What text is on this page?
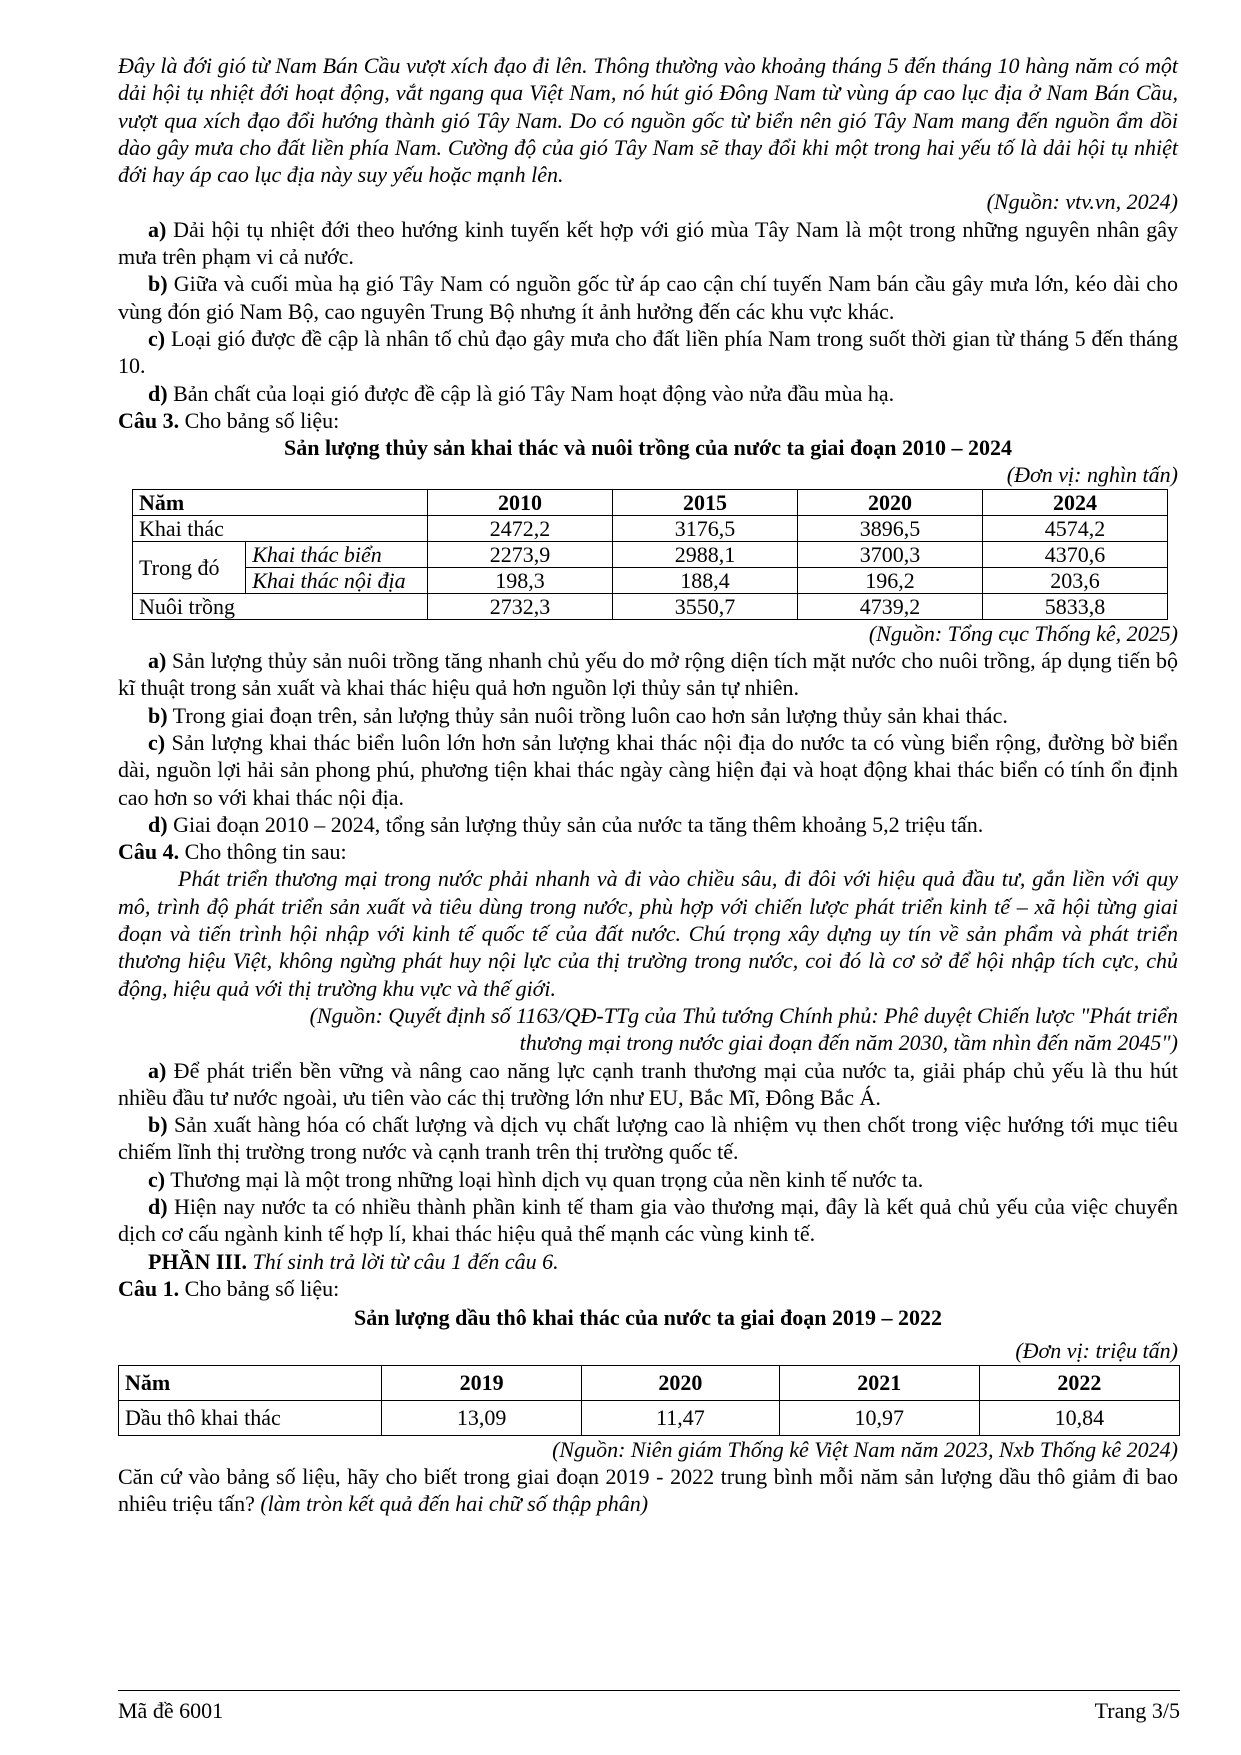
Đây là đới gió từ Nam Bán Cầu vượt xích đạo đi lên. Thông thường vào khoảng tháng 5 đến tháng 10 hàng năm có một dải hội tụ nhiệt đới hoạt động, vắt ngang qua Việt Nam, nó hút gió Đông Nam từ vùng áp cao lục địa ở Nam Bán Cầu, vượt qua xích đạo đổi hướng thành gió Tây Nam. Do có nguồn gốc từ biển nên gió Tây Nam mang đến nguồn ẩm dồi dào gây mưa cho đất liền phía Nam. Cường độ của gió Tây Nam sẽ thay đổi khi một trong hai yếu tố là dải hội tụ nhiệt đới hay áp cao lục địa này suy yếu hoặc mạnh lên.

(Nguồn: vtv.vn, 2024)

a) Dải hội tụ nhiệt đới theo hướng kinh tuyến kết hợp với gió mùa Tây Nam là một trong những nguyên nhân gây mưa trên phạm vi cả nước.

b) Giữa và cuối mùa hạ gió Tây Nam có nguồn gốc từ áp cao cận chí tuyến Nam bán cầu gây mưa lớn, kéo dài cho vùng đón gió Nam Bộ, cao nguyên Trung Bộ nhưng ít ảnh hưởng đến các khu vực khác.

c) Loại gió được đề cập là nhân tố chủ đạo gây mưa cho đất liền phía Nam trong suốt thời gian từ tháng 5 đến tháng 10.

d) Bản chất của loại gió được đề cập là gió Tây Nam hoạt động vào nửa đầu mùa hạ.

Câu 3. Cho bảng số liệu:

Sản lượng thủy sản khai thác và nuôi trồng của nước ta giai đoạn 2010 – 2024

(Đơn vị: nghìn tấn)

Năm		2010	2015	2020	2024
Khai thác		2472,2	3176,5	3896,5	4574,2
Trong đó	Khai thác biển	2273,9	2988,1	3700,3	4370,6
	Khai thác nội địa	198,3	188,4	196,2	203,6
Nuôi trồng		2732,3	3550,7	4739,2	5833,8

(Nguồn: Tổng cục Thống kê, 2025)

a) Sản lượng thủy sản nuôi trồng tăng nhanh chủ yếu do mở rộng diện tích mặt nước cho nuôi trồng, áp dụng tiến bộ kĩ thuật trong sản xuất và khai thác hiệu quả hơn nguồn lợi thủy sản tự nhiên.

b) Trong giai đoạn trên, sản lượng thủy sản nuôi trồng luôn cao hơn sản lượng thủy sản khai thác.

c) Sản lượng khai thác biển luôn lớn hơn sản lượng khai thác nội địa do nước ta có vùng biển rộng, đường bờ biển dài, nguồn lợi hải sản phong phú, phương tiện khai thác ngày càng hiện đại và hoạt động khai thác biển có tính ổn định cao hơn so với khai thác nội địa.

d) Giai đoạn 2010 – 2024, tổng sản lượng thủy sản của nước ta tăng thêm khoảng 5,2 triệu tấn.

Câu 4. Cho thông tin sau:

Phát triển thương mại trong nước phải nhanh và đi vào chiều sâu, đi đôi với hiệu quả đầu tư, gắn liền với quy mô, trình độ phát triển sản xuất và tiêu dùng trong nước, phù hợp với chiến lược phát triển kinh tế – xã hội từng giai đoạn và tiến trình hội nhập với kinh tế quốc tế của đất nước. Chú trọng xây dựng uy tín về sản phẩm và phát triển thương hiệu Việt, không ngừng phát huy nội lực của thị trường trong nước, coi đó là cơ sở để hội nhập tích cực, chủ động, hiệu quả với thị trường khu vực và thế giới.

(Nguồn: Quyết định số 1163/QĐ-TTg của Thủ tướng Chính phủ: Phê duyệt Chiến lược "Phát triển

thương mại trong nước giai đoạn đến năm 2030, tầm nhìn đến năm 2045")

a) Để phát triển bền vững và nâng cao năng lực cạnh tranh thương mại của nước ta, giải pháp chủ yếu là thu hút nhiều đầu tư nước ngoài, ưu tiên vào các thị trường lớn như EU, Bắc Mĩ, Đông Bắc Á.

b) Sản xuất hàng hóa có chất lượng và dịch vụ chất lượng cao là nhiệm vụ then chốt trong việc hướng tới mục tiêu chiếm lĩnh thị trường trong nước và cạnh tranh trên thị trường quốc tế.

c) Thương mại là một trong những loại hình dịch vụ quan trọng của nền kinh tế nước ta.

d) Hiện nay nước ta có nhiều thành phần kinh tế tham gia vào thương mại, đây là kết quả chủ yếu của việc chuyển dịch cơ cấu ngành kinh tế hợp lí, khai thác hiệu quả thế mạnh các vùng kinh tế.

PHẦN III. Thí sinh trả lời từ câu 1 đến câu 6.

Câu 1. Cho bảng số liệu:

Sản lượng dầu thô khai thác của nước ta giai đoạn 2019 – 2022

(Đơn vị: triệu tấn)

Năm	2019	2020	2021	2022
Dầu thô khai thác	13,09	11,47	10,97	10,84

(Nguồn: Niên giám Thống kê Việt Nam năm 2023, Nxb Thống kê 2024)

Căn cứ vào bảng số liệu, hãy cho biết trong giai đoạn 2019 - 2022 trung bình mỗi năm sản lượng dầu thô giảm đi bao nhiêu triệu tấn? (làm tròn kết quả đến hai chữ số thập phân)

Mã đề 6001	Trang 3/5
